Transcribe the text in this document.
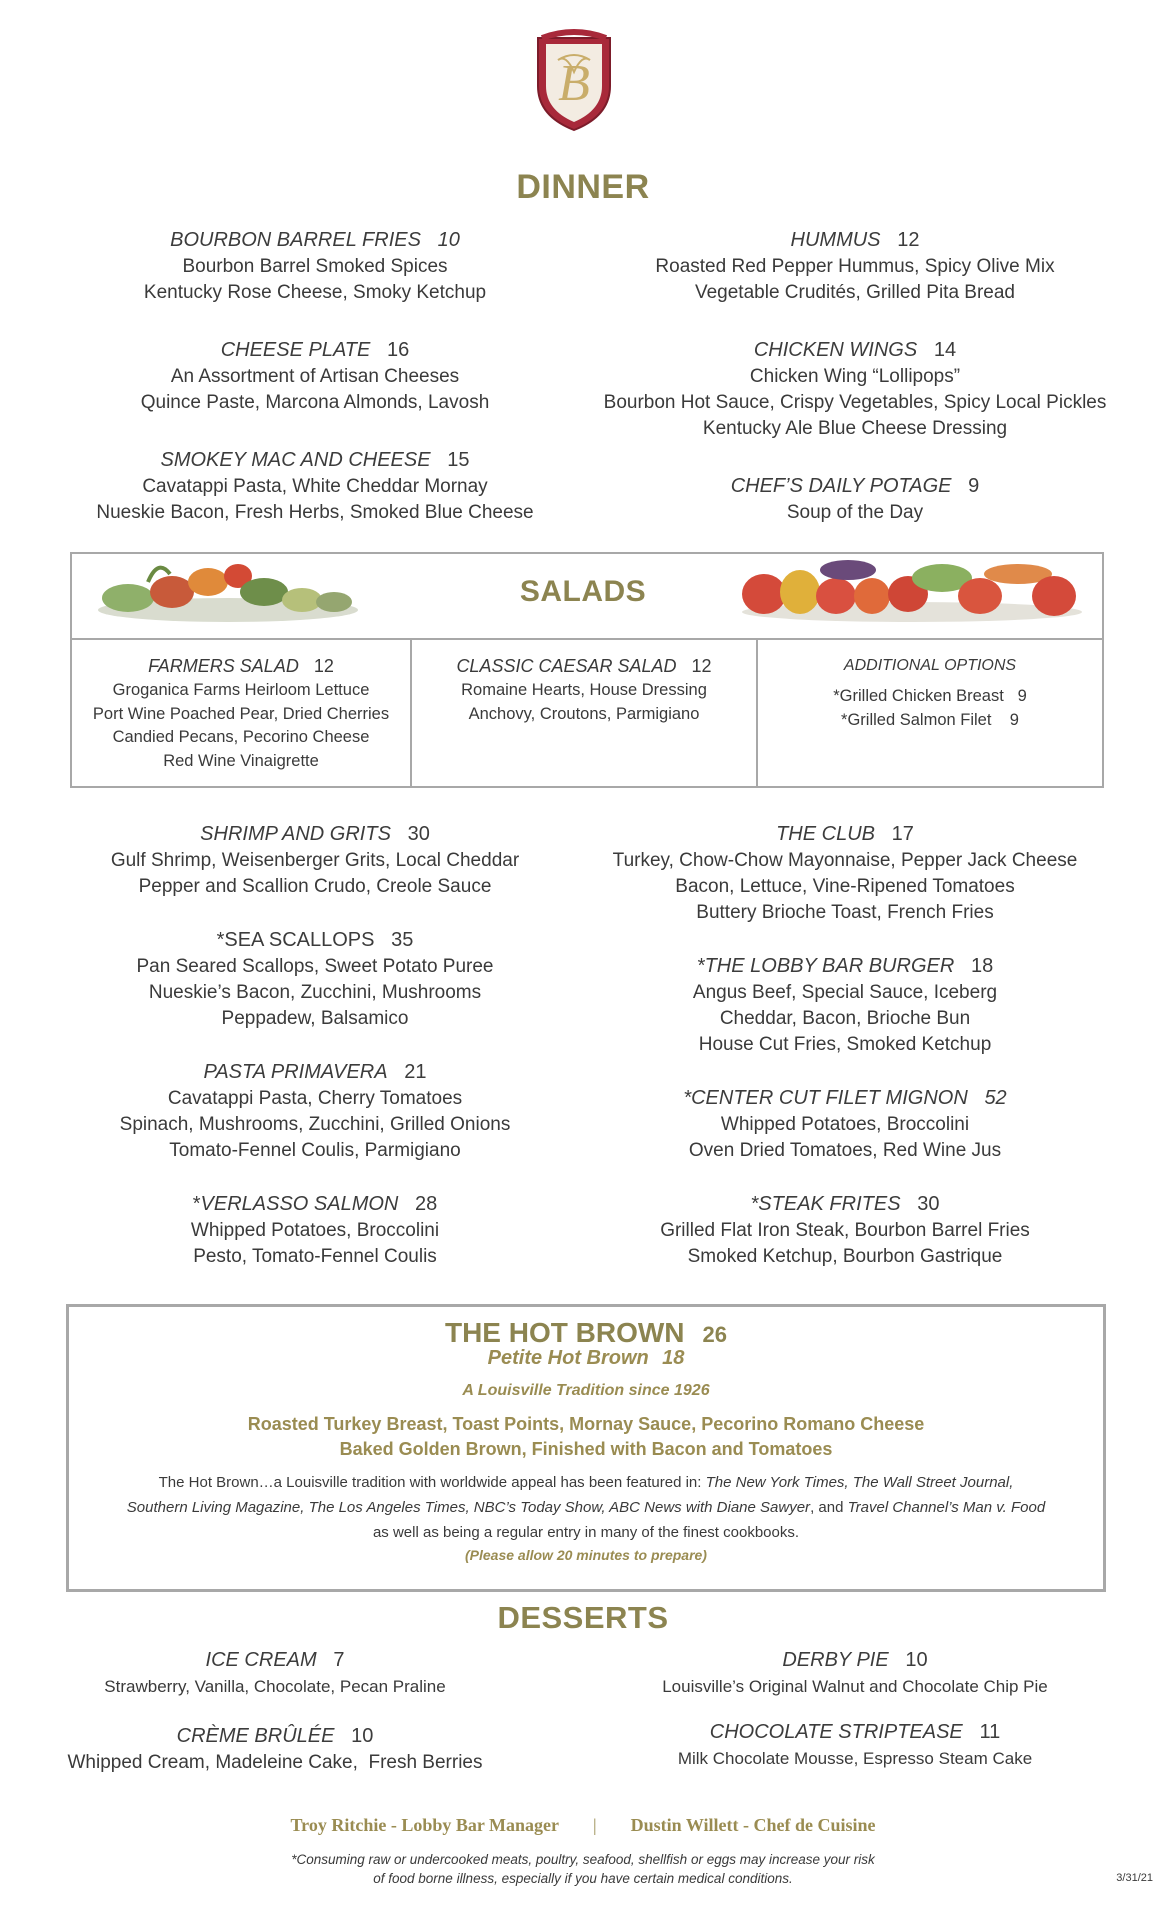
B
DINNER
BOURBON BARREL FRIES 10
Bourbon Barrel Smoked Spices
Kentucky Rose Cheese, Smoky Ketchup
CHEESE PLATE 16
An Assortment of Artisan Cheeses
Quince Paste, Marcona Almonds, Lavosh
SMOKEY MAC AND CHEESE 15
Cavatappi Pasta, White Cheddar Mornay
Nueskie Bacon, Fresh Herbs, Smoked Blue Cheese
HUMMUS 12
Roasted Red Pepper Hummus, Spicy Olive Mix
Vegetable Crudités, Grilled Pita Bread
CHICKEN WINGS 14
Chicken Wing “Lollipops”
Bourbon Hot Sauce, Crispy Vegetables, Spicy Local Pickles
Kentucky Ale Blue Cheese Dressing
CHEF’S DAILY POTAGE 9
Soup of the Day
SALADS
FARMERS SALAD 12
Groganica Farms Heirloom Lettuce
Port Wine Poached Pear, Dried Cherries
Candied Pecans, Pecorino Cheese
Red Wine Vinaigrette
CLASSIC CAESAR SALAD 12
Romaine Hearts, House Dressing
Anchovy, Croutons, Parmigiano
ADDITIONAL OPTIONS
*Grilled Chicken Breast   9
*Grilled Salmon Filet    9
SHRIMP AND GRITS 30
Gulf Shrimp, Weisenberger Grits, Local Cheddar
Pepper and Scallion Crudo, Creole Sauce
*SEA SCALLOPS 35
Pan Seared Scallops, Sweet Potato Puree
Nueskie’s Bacon, Zucchini, Mushrooms
Peppadew, Balsamico
PASTA PRIMAVERA 21
Cavatappi Pasta, Cherry Tomatoes
Spinach, Mushrooms, Zucchini, Grilled Onions
Tomato-Fennel Coulis, Parmigiano
*VERLASSO SALMON 28
Whipped Potatoes, Broccolini
Pesto, Tomato-Fennel Coulis
THE CLUB 17
Turkey, Chow-Chow Mayonnaise, Pepper Jack Cheese
Bacon, Lettuce, Vine-Ripened Tomatoes
Buttery Brioche Toast, French Fries
*THE LOBBY BAR BURGER 18
Angus Beef, Special Sauce, Iceberg
Cheddar, Bacon, Brioche Bun
House Cut Fries, Smoked Ketchup
*CENTER CUT FILET MIGNON 52
Whipped Potatoes, Broccolini
Oven Dried Tomatoes, Red Wine Jus
*STEAK FRITES 30
Grilled Flat Iron Steak, Bourbon Barrel Fries
Smoked Ketchup, Bourbon Gastrique
THE HOT BROWN 26
Petite Hot Brown 18
A Louisville Tradition since 1926
Roasted Turkey Breast, Toast Points, Mornay Sauce, Pecorino Romano Cheese
Baked Golden Brown, Finished with Bacon and Tomatoes
The Hot Brown…a Louisville tradition with worldwide appeal has been featured in: The New York Times, The Wall Street Journal,
Southern Living Magazine, The Los Angeles Times, NBC’s Today Show, ABC News with Diane Sawyer, and Travel Channel’s Man v. Food
as well as being a regular entry in many of the finest cookbooks.
(Please allow 20 minutes to prepare)
DESSERTS
ICE CREAM 7
Strawberry, Vanilla, Chocolate, Pecan Praline
CRÈME BRÛLÉE 10
Whipped Cream, Madeleine Cake,  Fresh Berries
DERBY PIE 10
Louisville’s Original Walnut and Chocolate Chip Pie
CHOCOLATE STRIPTEASE 11
Milk Chocolate Mousse, Espresso Steam Cake
Troy Ritchie - Lobby Bar Manager | Dustin Willett - Chef de Cuisine
*Consuming raw or undercooked meats, poultry, seafood, shellfish or eggs may increase your risk
of food borne illness, especially if you have certain medical conditions.	3/31/21
